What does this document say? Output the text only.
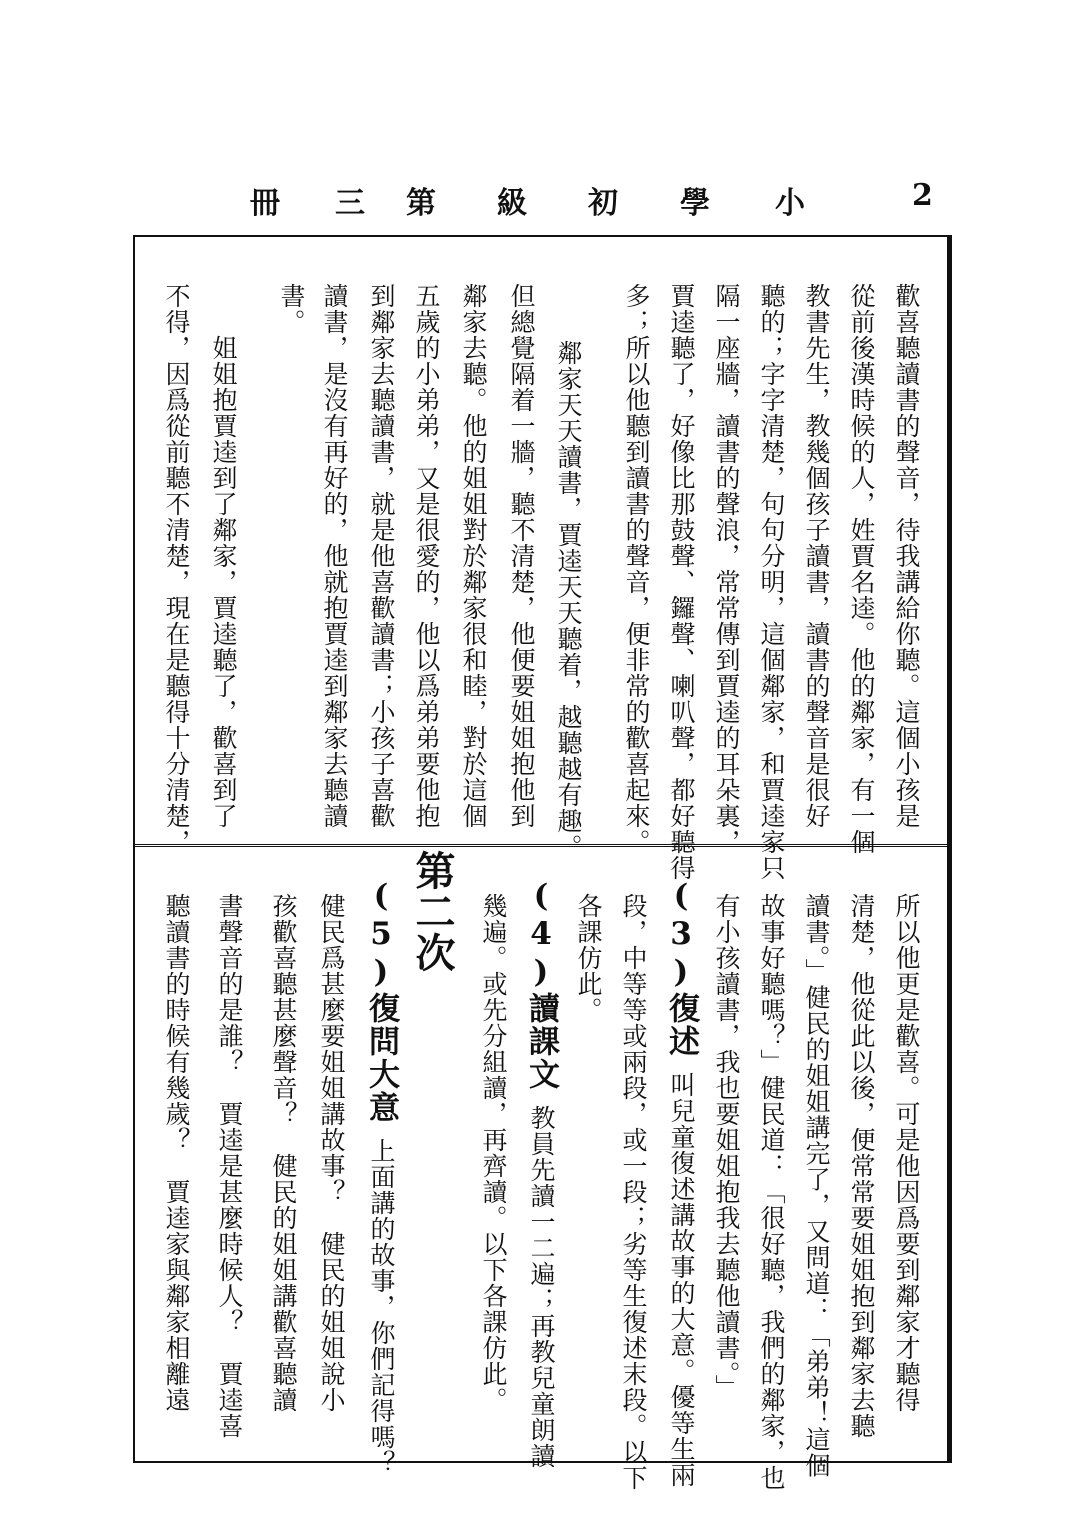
2
小
學
初
級
第
三
冊
歡喜聽讀書的聲音，待我講給你聽。這個小孩是
從前後漢時候的人，姓賈名逵。他的鄰家，有一個
教書先生，教幾個孩子讀書，讀書的聲音是很好
聽的；字字清楚，句句分明，這個鄰家，和賈逵家只
隔一座牆，讀書的聲浪，常常傳到賈逵的耳朵裏，
賈逵聽了，好像比那鼓聲、鑼聲、喇叭聲，都好聽得
多；所以他聽到讀書的聲音，便非常的歡喜起來。
鄰家天天讀書，賈逵天天聽着，越聽越有趣。
但總覺隔着一牆，聽不清楚，他便要姐姐抱他到
鄰家去聽。他的姐姐對於鄰家很和睦，對於這個
五歲的小弟弟，又是很愛的，他以爲弟弟要他抱
到鄰家去聽讀書，就是他喜歡讀書；小孩子喜歡
讀書，是沒有再好的，他就抱賈逵到鄰家去聽讀
書。
姐姐抱賈逵到了鄰家，賈逵聽了，歡喜到了
不得，因爲從前聽不清楚，現在是聽得十分清楚，
所以他更是歡喜。可是他因爲要到鄰家才聽得
清楚，他從此以後，便常常要姐姐抱到鄰家去聽
讀書。」健民的姐姐講完了，又問道：「弟弟！這個
故事好聽嗎？」健民道：「很好聽，我們的鄰家，也
有小孩讀書，我也要姐姐抱我去聽他讀書。」
(3)復述叫兒童復述講故事的大意。優等生兩
段，中等等或兩段，或一段；劣等生復述末段。以下
各課仿此。
(4)讀課文教員先讀一二遍；再教兒童朗讀
幾遍。或先分組讀，再齊讀。以下各課仿此。
第二次
(5)復問大意上面講的故事，你們記得嗎？
健民爲甚麼要姐姐講故事？　健民的姐姐說小
孩歡喜聽甚麼聲音？　健民的姐姐講歡喜聽讀
書聲音的是誰？　賈逵是甚麼時候人？　賈逵喜
聽讀書的時候有幾歲？　賈逵家與鄰家相離遠
